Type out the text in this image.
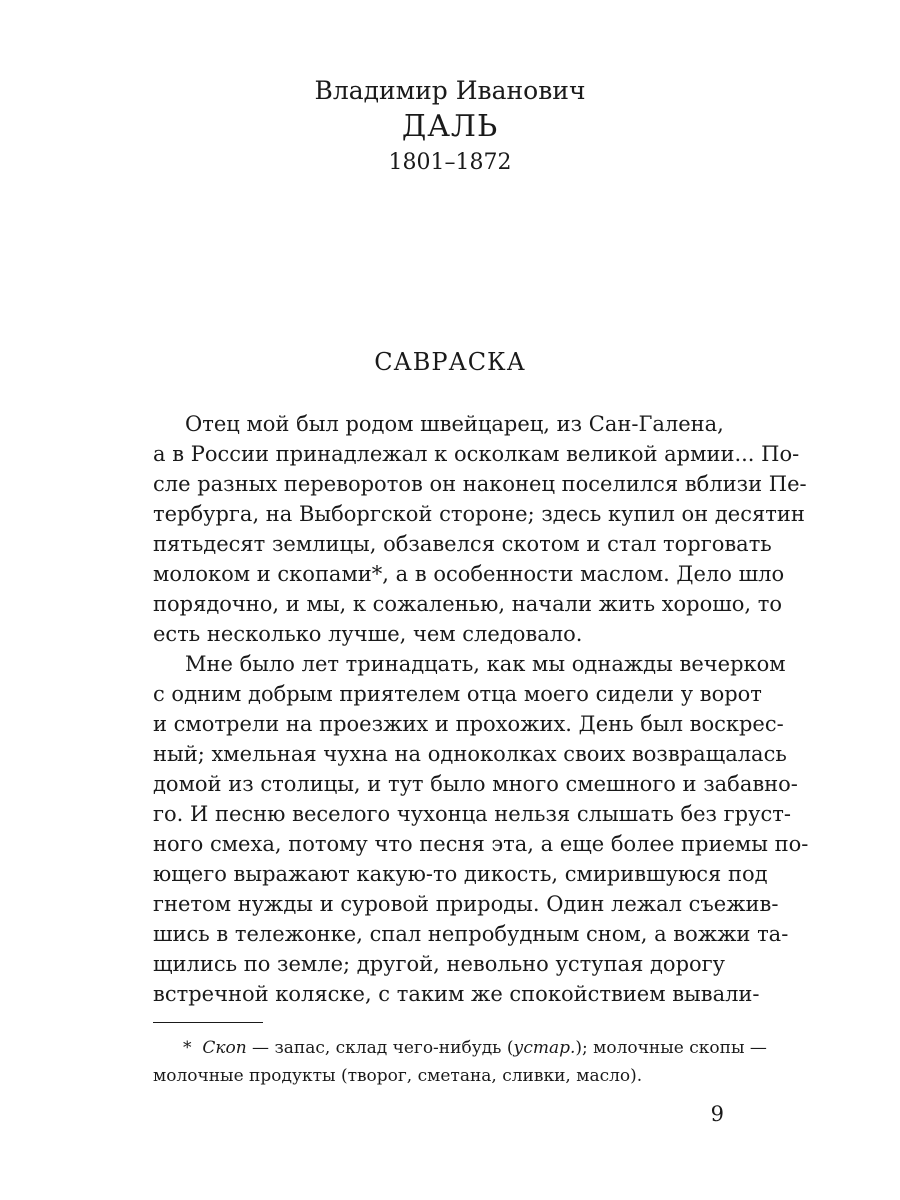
Владимир Иванович
ДАЛЬ
1801–1872
САВРАСКА
Отец мой был родом швейцарец, из Сан-Галена,
а в России принадлежал к осколкам великой армии... По-
сле разных переворотов он наконец поселился вблизи Пе-
тербурга, на Выборгской стороне; здесь купил он десятин
пятьдесят землицы, обзавелся скотом и стал торговать
молоком и скопами*, а в особенности маслом. Дело шло
порядочно, и мы, к сожаленью, начали жить хорошо, то
есть несколько лучше, чем следовало.
Мне было лет тринадцать, как мы однажды вечерком
с одним добрым приятелем отца моего сидели у ворот
и смотрели на проезжих и прохожих. День был воскрес-
ный; хмельная чухна на одноколках своих возвращалась
домой из столицы, и тут было много смешного и забавно-
го. И песню веселого чухонца нельзя слышать без груст-
ного смеха, потому что песня эта, а еще более приемы по-
ющего выражают какую-то дикость, смирившуюся под
гнетом нужды и суровой природы. Один лежал съежив-
шись в тележонке, спал непробудным сном, а вожжи та-
щились по земле; другой, невольно уступая дорогу
встречной коляске, с таким же спокойствием вывали-
* Скоп — запас, склад чего-нибудь (устар.); молочные скопы —
молочные продукты (творог, сметана, сливки, масло).
9
